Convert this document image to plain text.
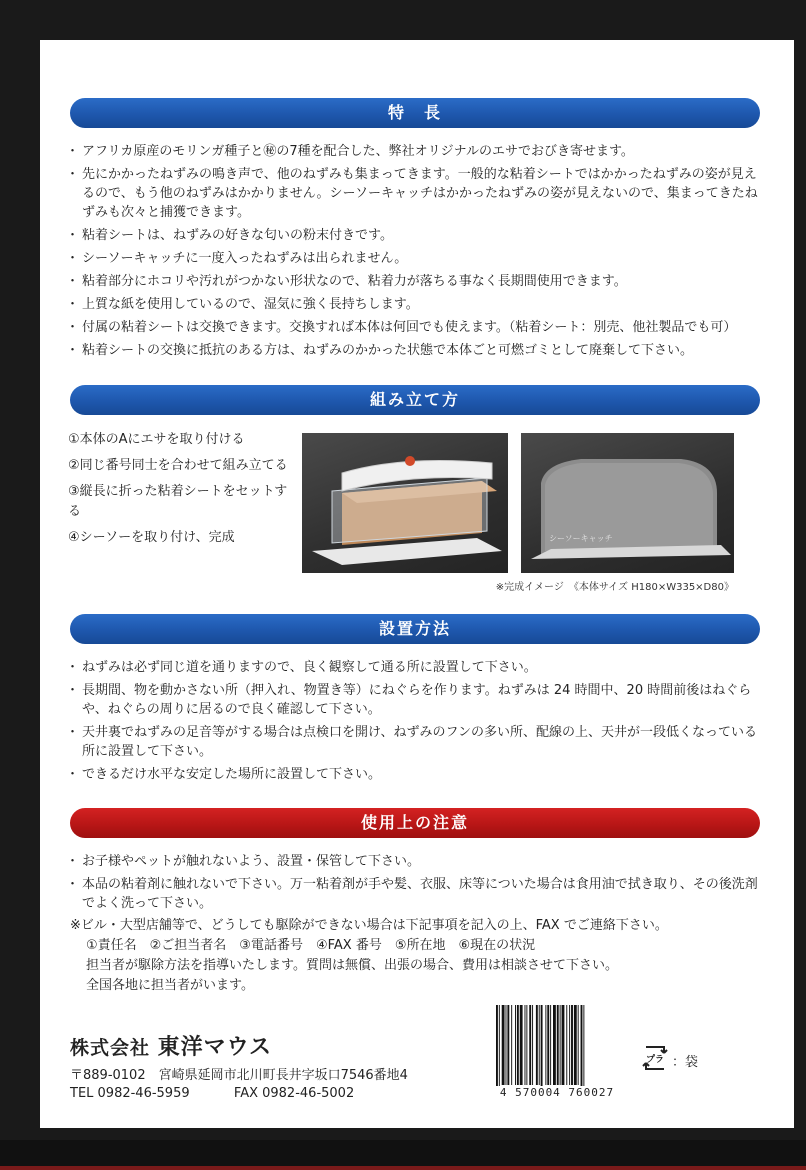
特　長
・ アフリカ原産のモリンガ種子と㊙の7種を配合した、弊社オリジナルのエサでおびき寄せます。
・ 先にかかったねずみの鳴き声で、他のねずみも集まってきます。一般的な粘着シートではかかったねずみの姿が見えるので、もう他のねずみはかかりません。シーソーキャッチはかかったねずみの姿が見えないので、集まってきたねずみも次々と捕獲できます。
・ 粘着シートは、ねずみの好きな匂いの粉末付きです。
・ シーソーキャッチに一度入ったねずみは出られません。
・ 粘着部分にホコリや汚れがつかない形状なので、粘着力が落ちる事なく長期間使用できます。
・ 上質な紙を使用しているので、湿気に強く長持ちします。
・ 付属の粘着シートは交換できます。交換すれば本体は何回でも使えます。（粘着シート：別売、他社製品でも可）
・ 粘着シートの交換に抵抗のある方は、ねずみのかかった状態で本体ごと可燃ゴミとして廃棄して下さい。
組み立て方
①本体のAにエサを取り付ける
②同じ番号同士を合わせて組み立てる
③縦長に折った粘着シートをセットする
④シーソーを取り付け、完成	シーソーキャッチ
※完成イメージ　《本体サイズ H180×W335×D80》
設置方法
・ ねずみは必ず同じ道を通りますので、良く観察して通る所に設置して下さい。
・ 長期間、物を動かさない所（押入れ、物置き等）にねぐらを作ります。ねずみは 24 時間中、20 時間前後はねぐらや、ねぐらの周りに居るので良く確認して下さい。
・ 天井裏でねずみの足音等がする場合は点検口を開け、ねずみのフンの多い所、配線の上、天井が一段低くなっている所に設置して下さい。
・ できるだけ水平な安定した場所に設置して下さい。
使用上の注意
・ お子様やペットが触れないよう、設置・保管して下さい。
・ 本品の粘着剤に触れないで下さい。万一粘着剤が手や髪、衣服、床等についた場合は食用油で拭き取り、その後洗剤でよく洗って下さい。

※ビル・大型店舗等で、どうしても駆除ができない場合は下記事項を記入の上、FAX でご連絡下さい。

①責任名　②ご担当者名　③電話番号　④FAX 番号　⑤所在地　⑥現在の状況

担当者が駆除方法を指導いたします。質問は無償、出張の場合、費用は相談させて下さい。

全国各地に担当者がいます。

株式会社 東洋マウス
〒889-0102　宮崎県延岡市北川町長井字坂口7546番地4
TEL 0982-46-5959	FAX 0982-46-5002	4 570004 760027
プラ ：袋
